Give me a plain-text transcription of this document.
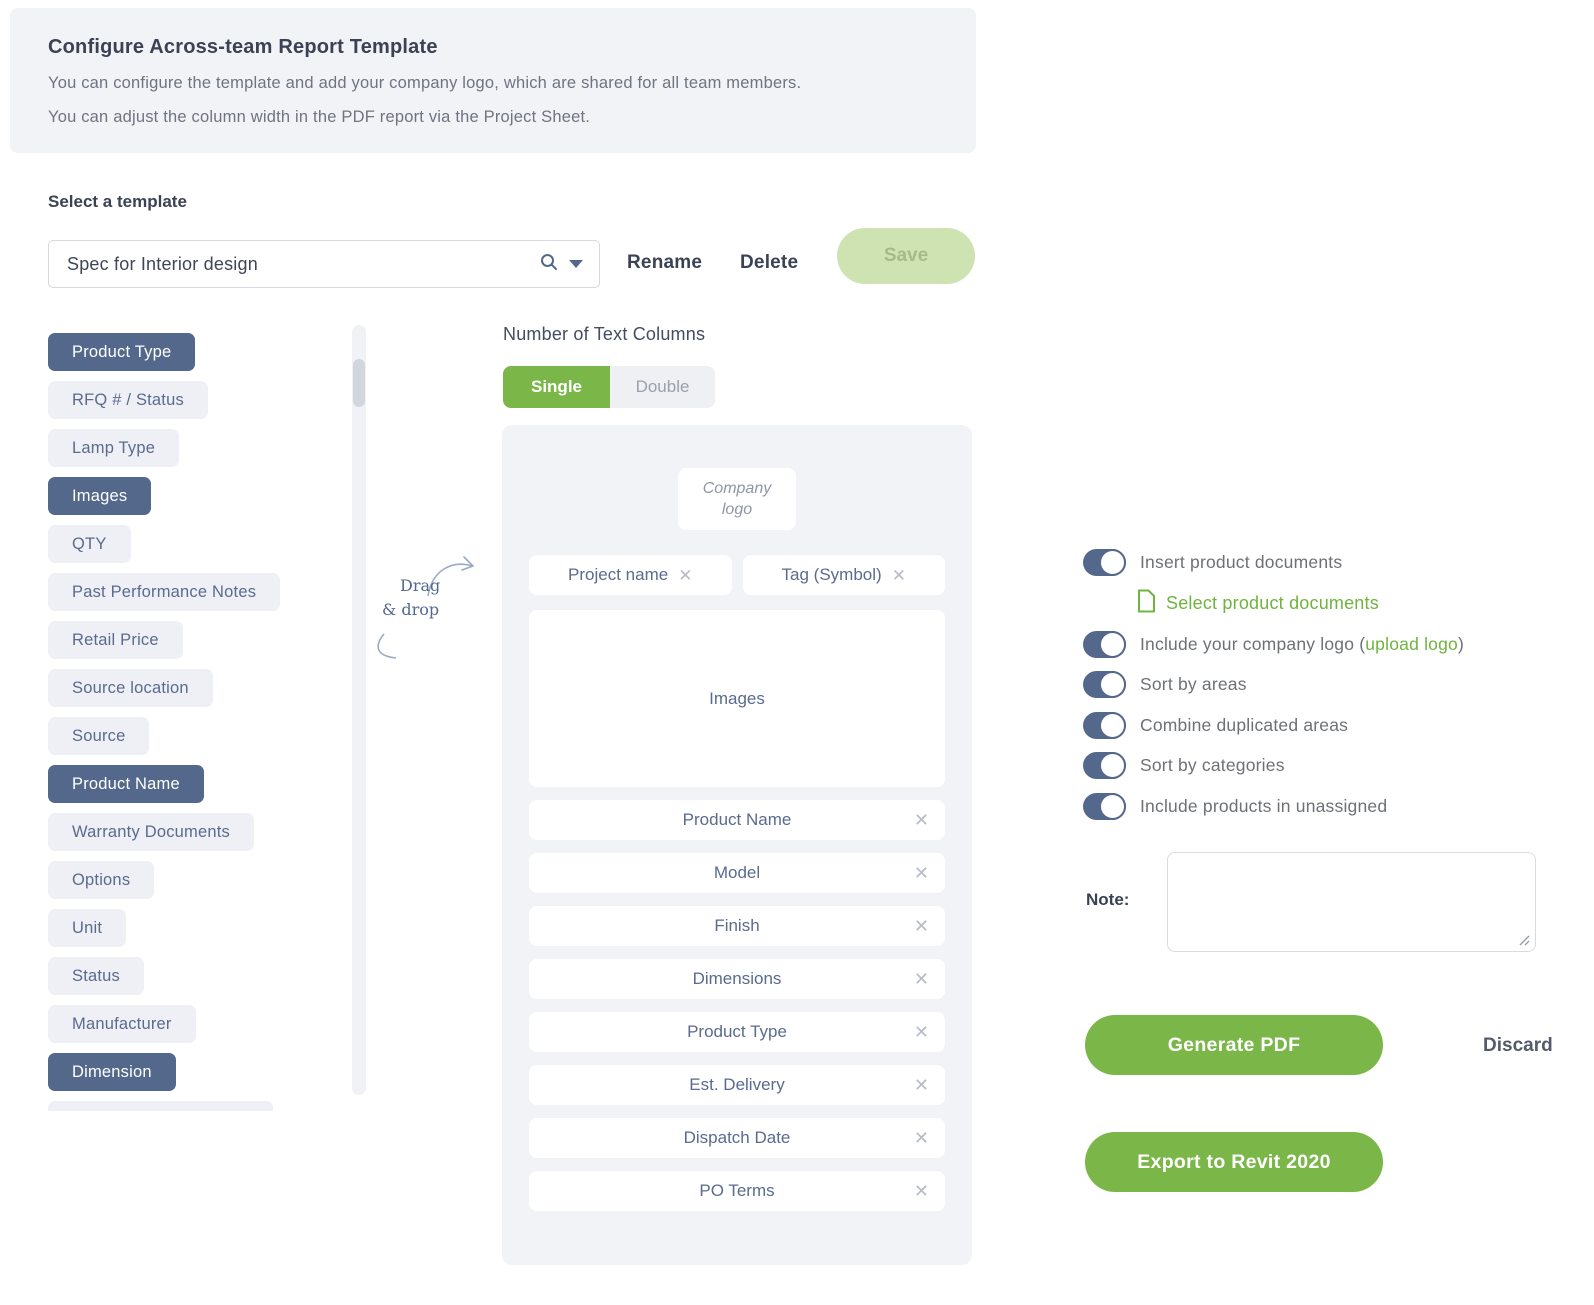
Configure Across-team Report Template

You can configure the template and add your company logo, which are shared for all team members.

You can adjust the column width in the PDF report via the Project Sheet.

Select a template
Spec for Interior design	Rename Delete	Save
Product Type
RFQ # / Status
Lamp Type
Images
QTY
Past Performance Notes
Retail Price
Source location
Source
Product Name
Warranty Documents
Options
Unit
Status
Manufacturer
Dimension
Drag
& drop
Number of Text Columns
Single	Double
Company
logo
Project name ✕	Tag (Symbol) ✕
Images
Product Name	✕
Model	✕
Finish	✕
Dimensions	✕
Product Type	✕
Est. Delivery	✕
Dispatch Date	✕
PO Terms	✕
Insert product documents
Select product documents
Include your company logo (upload logo)
Sort by areas
Combine duplicated areas
Sort by categories
Include products in unassigned
Note:
Generate PDF	Discard
Export to Revit 2020
